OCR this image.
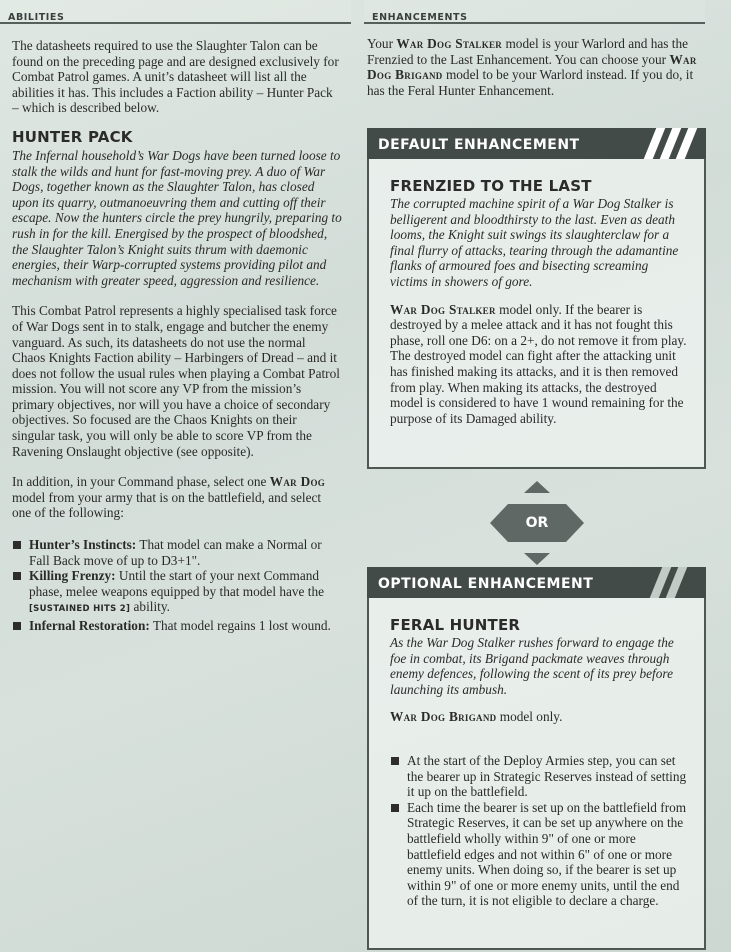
ABILITIES

The datasheets required to use the Slaughter Talon can be found on the preceding page and are designed exclusively for Combat Patrol games. A unit’s datasheet will list all the abilities it has. This includes a Faction ability – Hunter Pack – which is described below.

HUNTER PACK

The Infernal household’s War Dogs have been turned loose to stalk the wilds and hunt for fast-moving prey. A duo of War Dogs, together known as the Slaughter Talon, has closed upon its quarry, outmanoeuvring them and cutting off their escape. Now the hunters circle the prey hungrily, preparing to rush in for the kill. Energised by the prospect of bloodshed, the Slaughter Talon’s Knight suits thrum with daemonic energies, their Warp-corrupted systems providing pilot and mechanism with greater speed, aggression and resilience.

This Combat Patrol represents a highly specialised task force of War Dogs sent in to stalk, engage and butcher the enemy vanguard. As such, its datasheets do not use the normal Chaos Knights Faction ability – Harbingers of Dread – and it does not follow the usual rules when playing a Combat Patrol mission. You will not score any VP from the mission’s primary objectives, nor will you have a choice of secondary objectives. So focused are the Chaos Knights on their singular task, you will only be able to score VP from the Ravening Onslaught objective (see opposite).

In addition, in your Command phase, select one War Dog model from your army that is on the battlefield, and select one of the following:

Hunter’s Instincts: That model can make a Normal or Fall Back move of up to D3+1".
Killing Frenzy: Until the start of your next Command phase, melee weapons equipped by that model have the [SUSTAINED HITS 2] ability.
Infernal Restoration: That model regains 1 lost wound.
ENHANCEMENTS

Your War Dog Stalker model is your Warlord and has the Frenzied to the Last Enhancement. You can choose your War Dog Brigand model to be your Warlord instead. If you do, it has the Feral Hunter Enhancement.

DEFAULT ENHANCEMENT
FRENZIED TO THE LAST

The corrupted machine spirit of a War Dog Stalker is belligerent and bloodthirsty to the last. Even as death looms, the Knight suit swings its slaughterclaw for a final flurry of attacks, tearing through the adamantine flanks of armoured foes and bisecting screaming victims in showers of gore.

War Dog Stalker model only. If the bearer is destroyed by a melee attack and it has not fought this phase, roll one D6: on a 2+, do not remove it from play. The destroyed model can fight after the attacking unit has finished making its attacks, and it is then removed from play. When making its attacks, the destroyed model is considered to have 1 wound remaining for the purpose of its Damaged ability.

OR
OPTIONAL ENHANCEMENT
FERAL HUNTER

As the War Dog Stalker rushes forward to engage the foe in combat, its Brigand packmate weaves through enemy defences, following the scent of its prey before launching its ambush.

War Dog Brigand model only.

At the start of the Deploy Armies step, you can set the bearer up in Strategic Reserves instead of setting it up on the battlefield.
Each time the bearer is set up on the battlefield from Strategic Reserves, it can be set up anywhere on the battlefield wholly within 9" of one or more battlefield edges and not within 6" of one or more enemy units. When doing so, if the bearer is set up within 9" of one or more enemy units, until the end of the turn, it is not eligible to declare a charge.
